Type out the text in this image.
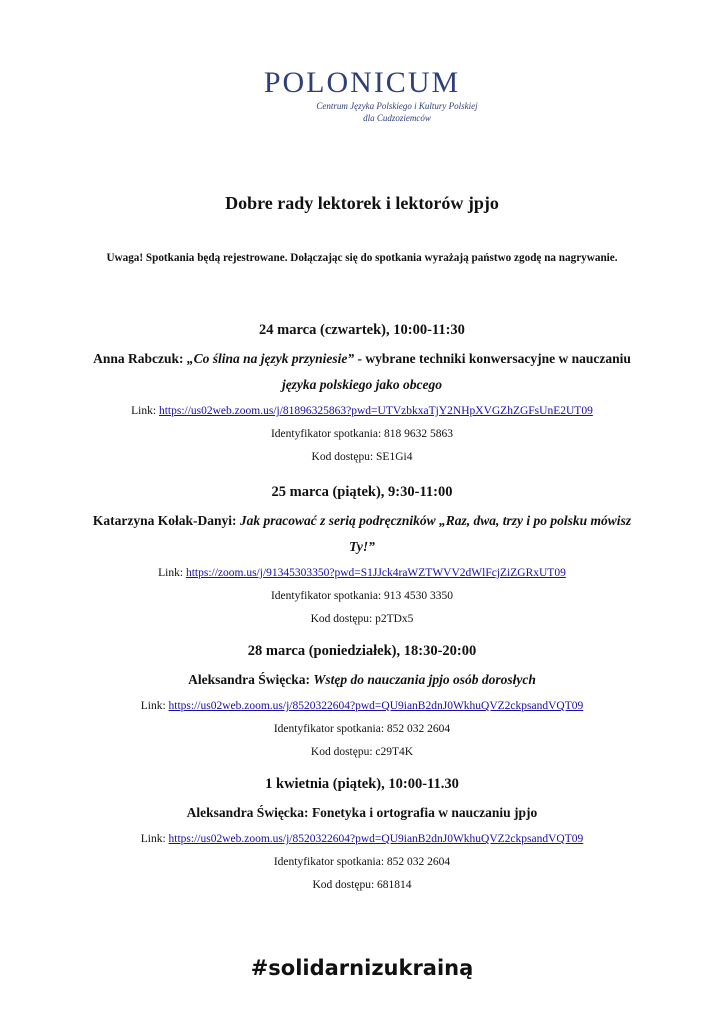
POLONICUM
Centrum Języka Polskiego i Kultury Polskiej
dla Cudzoziemców
Dobre rady lektorek i lektorów jpjo
Uwaga! Spotkania będą rejestrowane. Dołączając się do spotkania wyrażają państwo zgodę na nagrywanie.
24 marca (czwartek), 10:00-11:30
Anna Rabczuk: „Co ślina na język przyniesie” - wybrane techniki konwersacyjne w nauczaniu
języka polskiego jako obcego
Link: https://us02web.zoom.us/j/81896325863?pwd=UTVzbkxaTjY2NHpXVGZhZGFsUnE2UT09
Identyfikator spotkania: 818 9632 5863
Kod dostępu: SE1Gi4
25 marca (piątek), 9:30-11:00
Katarzyna Kołak-Danyi: Jak pracować z serią podręczników „Raz, dwa, trzy i po polsku mówisz
Ty!”
Link: https://zoom.us/j/91345303350?pwd=S1JJck4raWZTWVV2dWlFcjZiZGRxUT09
Identyfikator spotkania: 913 4530 3350
Kod dostępu: p2TDx5
28 marca (poniedziałek), 18:30-20:00
Aleksandra Święcka: Wstęp do nauczania jpjo osób dorosłych
Link: https://us02web.zoom.us/j/8520322604?pwd=QU9ianB2dnJ0WkhuQVZ2ckpsandVQT09
Identyfikator spotkania: 852 032 2604
Kod dostępu: c29T4K
1 kwietnia (piątek), 10:00-11.30
Aleksandra Święcka: Fonetyka i ortografia w nauczaniu jpjo
Link: https://us02web.zoom.us/j/8520322604?pwd=QU9ianB2dnJ0WkhuQVZ2ckpsandVQT09
Identyfikator spotkania: 852 032 2604
Kod dostępu: 681814
#solidarnizukrainą
